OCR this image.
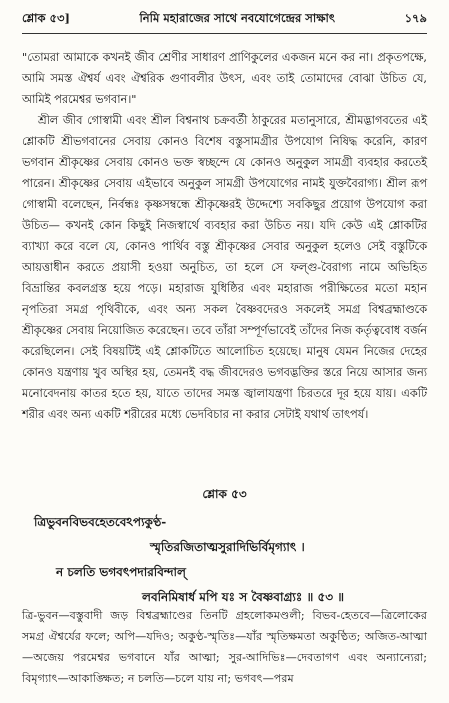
শ্লোক ৫৩]	নিমি মহারাজের সাথে নবযোগেন্দ্রের সাক্ষাৎ	১৭৯

"তোমরা আমাকে কখনই জীব শ্রেণীর সাধারণ প্রাণিকুলের একজন মনে কর না। প্রকৃতপক্ষে, আমি সমস্ত ঐশ্বর্য এবং ঐশ্বরিক গুণাবলীর উৎস, এবং তাই তোমাদের বোঝা উচিত যে, আমিই পরমেশ্বর ভগবান।"

শ্রীল জীব গোস্বামী এবং শ্রীল বিশ্বনাথ চক্রবর্তী ঠাকুরের মতানুসারে, শ্রীমদ্ভাগবতের এই শ্লোকটি শ্রীভগবানের সেবায় কোনও বিশেষ বস্তুসামগ্রীর উপযোগ নিষিদ্ধ করেনি, কারণ ভগবান শ্রীকৃষ্ণের সেবায় কোনও ভক্ত স্বচ্ছন্দে যে কোনও অনুকুল সামগ্রী ব্যবহার করতেই পারেন। শ্রীকৃষ্ণের সেবায় এইভাবে অনুকুল সামগ্রী উপযোগের নামই যুক্তবৈরাগ্য। শ্রীল রূপ গোস্বামী বলেছেন, নির্বন্ধঃ কৃষ্ণসম্বন্ধে শ্রীকৃষ্ণেরই উদ্দেশ্যে সবকিছুর প্রয়োগ উপযোগ করা উচিত— কখনই কোন কিছুই নিজস্বার্থে ব্যবহার করা উচিত নয়। যদি কেউ এই শ্লোকটির ব্যাখ্যা করে বলে যে, কোনও পার্থিব বস্তু শ্রীকৃষ্ণের সেবার অনুকুল হলেও সেই বস্তুটিকে আয়ত্তাধীন করতে প্রয়াসী হওয়া অনুচিত, তা হলে সে ফল্গু-বৈরাগ্য নামে অভিহিত বিভ্রান্তির কবলগ্রস্ত হয়ে পড়ে। মহারাজ যুধিষ্ঠির এবং মহারাজ পরীক্ষিতের মতো মহান নৃপতিরা সমগ্র পৃথিবীকে, এবং অন্য সকল বৈষ্ণবদেরও সকলেই সমগ্র বিশ্বব্রহ্মাণ্ডকে শ্রীকৃষ্ণের সেবায় নিয়োজিত করেছেন। তবে তাঁরা সম্পূর্ণভাবেই তাঁদের নিজ কর্তৃত্ববোধ বর্জন করেছিলেন। সেই বিষয়টিই এই শ্লোকটিতে আলোচিত হয়েছে। মানুষ যেমন নিজের দেহের কোনও যন্ত্রণায় খুব অস্থির হয়, তেমনই বদ্ধ জীবদেরও ভগবদ্ভক্তির স্তরে নিয়ে আসার জন্য মনোবেদনায় কাতর হতে হয়, যাতে তাদের সমস্ত জ্বালাযন্ত্রণা চিরতরে দূর হয়ে যায়। একটি শরীর এবং অন্য একটি শরীরের মধ্যে ভেদবিচার না করার সেটাই যথার্থ তাৎপর্য।

শ্লোক ৫৩
ত্রিভুবনবিভবহেতবেঽপ্যকুণ্ঠ-
স্মৃতিরজিতাত্মসুরাদিভির্বিমৃগ্যাৎ ।
ন চলতি ভগবৎপদারবিন্দাল্
লবনিমিষার্ধ মপি যঃ স বৈষ্ণবাগ্র্যঃ ॥ ৫৩ ॥

ত্রি-ভুবন—বস্তুবাদী জড় বিশ্বব্রহ্মাণ্ডের তিনটি গ্রহলোকমণ্ডলী; বিভব-হেতবে—ত্রিলোকের সমগ্র ঐশ্বর্যের ফলে; অপি—যদিও; অকুণ্ঠ-স্মৃতিঃ—যাঁর স্মৃতিক্ষমতা অকুণ্ঠিত; অজিত-আত্মা—অজেয় পরমেশ্বর ভগবানে যাঁর আত্মা; সুর-আদিভিঃ—দেবতাগণ এবং অন্যান্যেরা; বিমৃগ্যাৎ—আকাঙ্ক্ষিত; ন চলতি—চলে যায় না; ভগবৎ—পরম
